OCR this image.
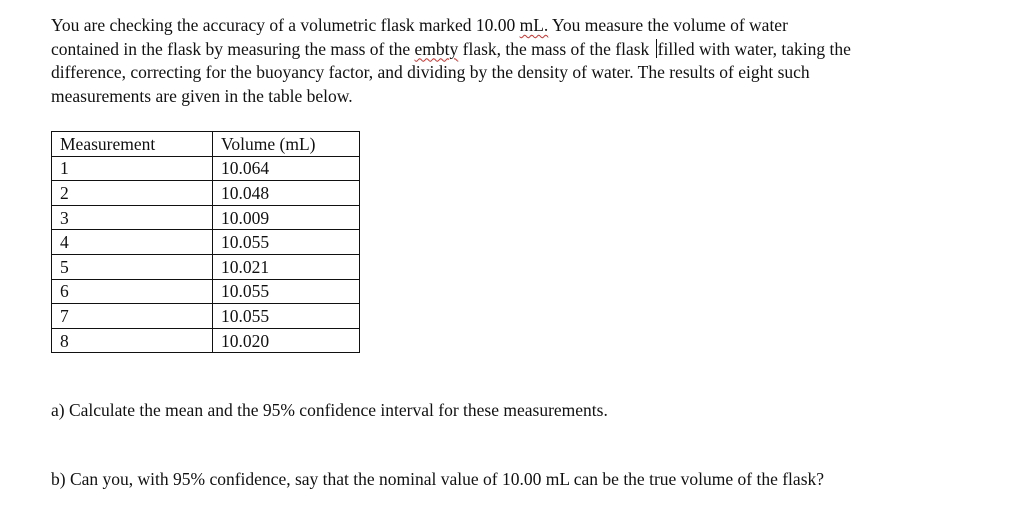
You are checking the accuracy of a volumetric flask marked 10.00 mL. You measure the volume of water
contained in the flask by measuring the mass of the embty flask, the mass of the flask filled with water, taking the
difference, correcting for the buoyancy factor, and dividing by the density of water. The results of eight such
measurements are given in the table below.

Measurement	Volume (mL)
1	10.064
2	10.048
3	10.009
4	10.055
5	10.021
6	10.055
7	10.055
8	10.020

a) Calculate the mean and the 95% confidence interval for these measurements.

b) Can you, with 95% confidence, say that the nominal value of 10.00 mL can be the true volume of the flask?
